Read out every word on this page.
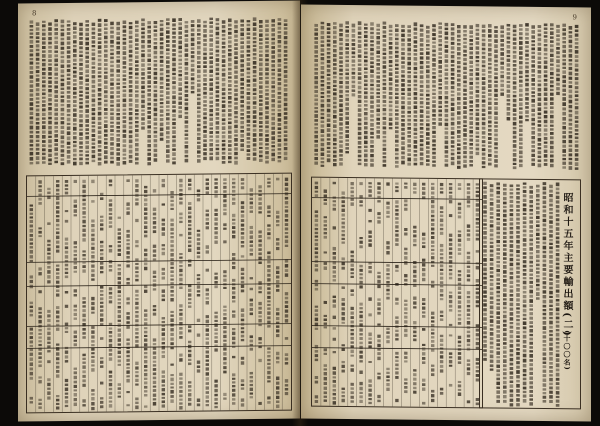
8
9
昭和十五年主要輸出額(二)
(十〇〇名)
